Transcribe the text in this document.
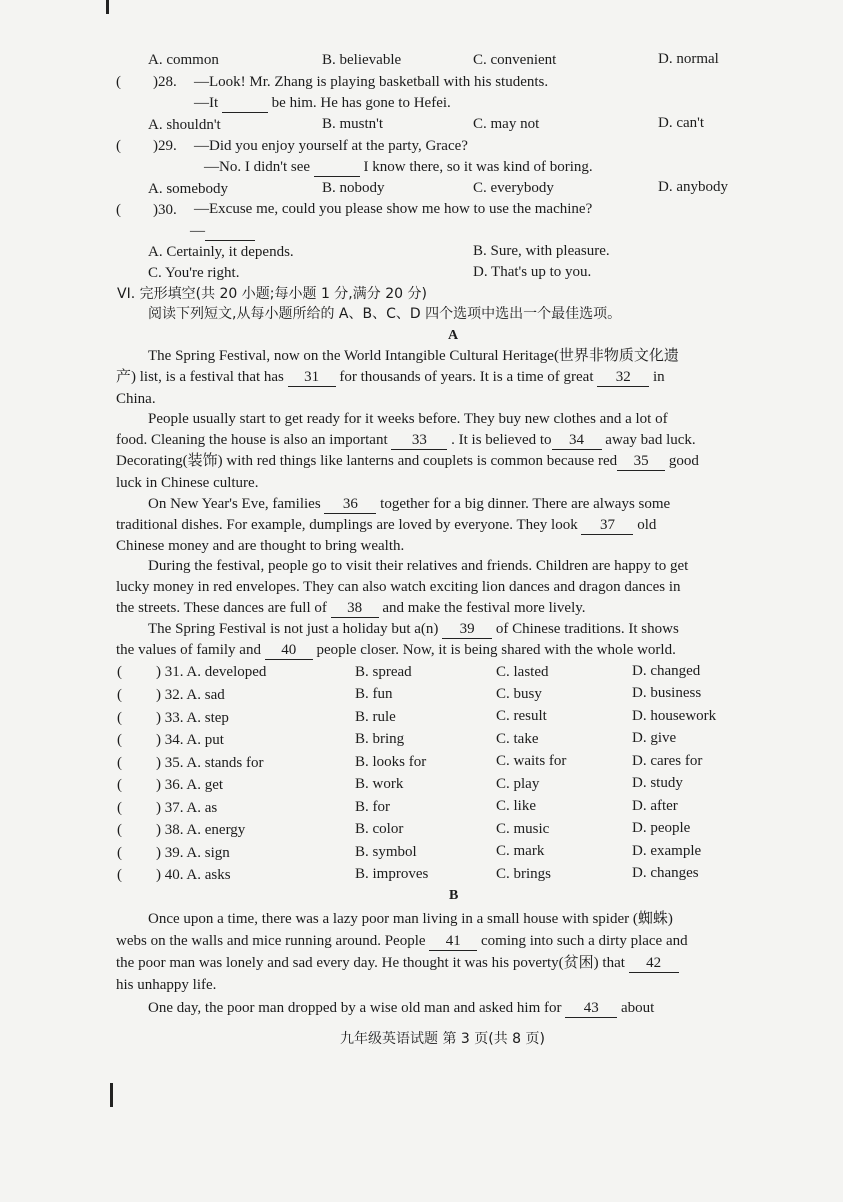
A. common	B. believable	C. convenient	D. normal
( )28. —Look! Mr. Zhang is playing basketball with his students.
—It	be him. He has gone to Hefei.
A. shouldn't	B. mustn't	C. may not	D. can't
( )29. —Did you enjoy yourself at the party, Grace?
—No. I didn't see	I know there, so it was kind of boring.
A. somebody	B. nobody	C. everybody	D. anybody
( )30. —Excuse me, could you please show me how to use the machine?
—
A. Certainly, it depends.	B. Sure, with pleasure.
C. You're right.	D. That's up to you.
VI. 完形填空(共 20 小题;每小题 1 分,满分 20 分)
阅读下列短文,从每小题所给的 A、B、C、D 四个选项中选出一个最佳选项。
A
The Spring Festival, now on the World Intangible Cultural Heritage(世界非物质文化遗
产) list, is a festival that has 31 for thousands of years. It is a time of great 32 in
China.
People usually start to get ready for it weeks before. They buy new clothes and a lot of
food. Cleaning the house is also an important 33 . It is believed to 34 away bad luck.
Decorating(装饰) with red things like lanterns and couplets is common because red 35 good
luck in Chinese culture.
On New Year's Eve, families 36 together for a big dinner. There are always some
traditional dishes. For example, dumplings are loved by everyone. They look 37 old
Chinese money and are thought to bring wealth.
During the festival, people go to visit their relatives and friends. Children are happy to get
lucky money in red envelopes. They can also watch exciting lion dances and dragon dances in
the streets. These dances are full of 38 and make the festival more lively.
The Spring Festival is not just a holiday but a(n) 39 of Chinese traditions. It shows
the values of family and 40 people closer. Now, it is being shared with the whole world.
( ) 31. A. developed	B. spread	C. lasted	D. changed
( ) 32. A. sad	B. fun	C. busy	D. business
( ) 33. A. step	B. rule	C. result	D. housework
( ) 34. A. put	B. bring	C. take	D. give
( ) 35. A. stands for	B. looks for	C. waits for	D. cares for
( ) 36. A. get	B. work	C. play	D. study
( ) 37. A. as	B. for	C. like	D. after
( ) 38. A. energy	B. color	C. music	D. people
( ) 39. A. sign	B. symbol	C. mark	D. example
( ) 40. A. asks	B. improves	C. brings	D. changes
B
Once upon a time, there was a lazy poor man living in a small house with spider (蜘蛛)
webs on the walls and mice running around. People 41 coming into such a dirty place and
the poor man was lonely and sad every day. He thought it was his poverty(贫困) that 42
his unhappy life.
One day, the poor man dropped by a wise old man and asked him for 43 about
九年级英语试题 第 3 页(共 8 页)
